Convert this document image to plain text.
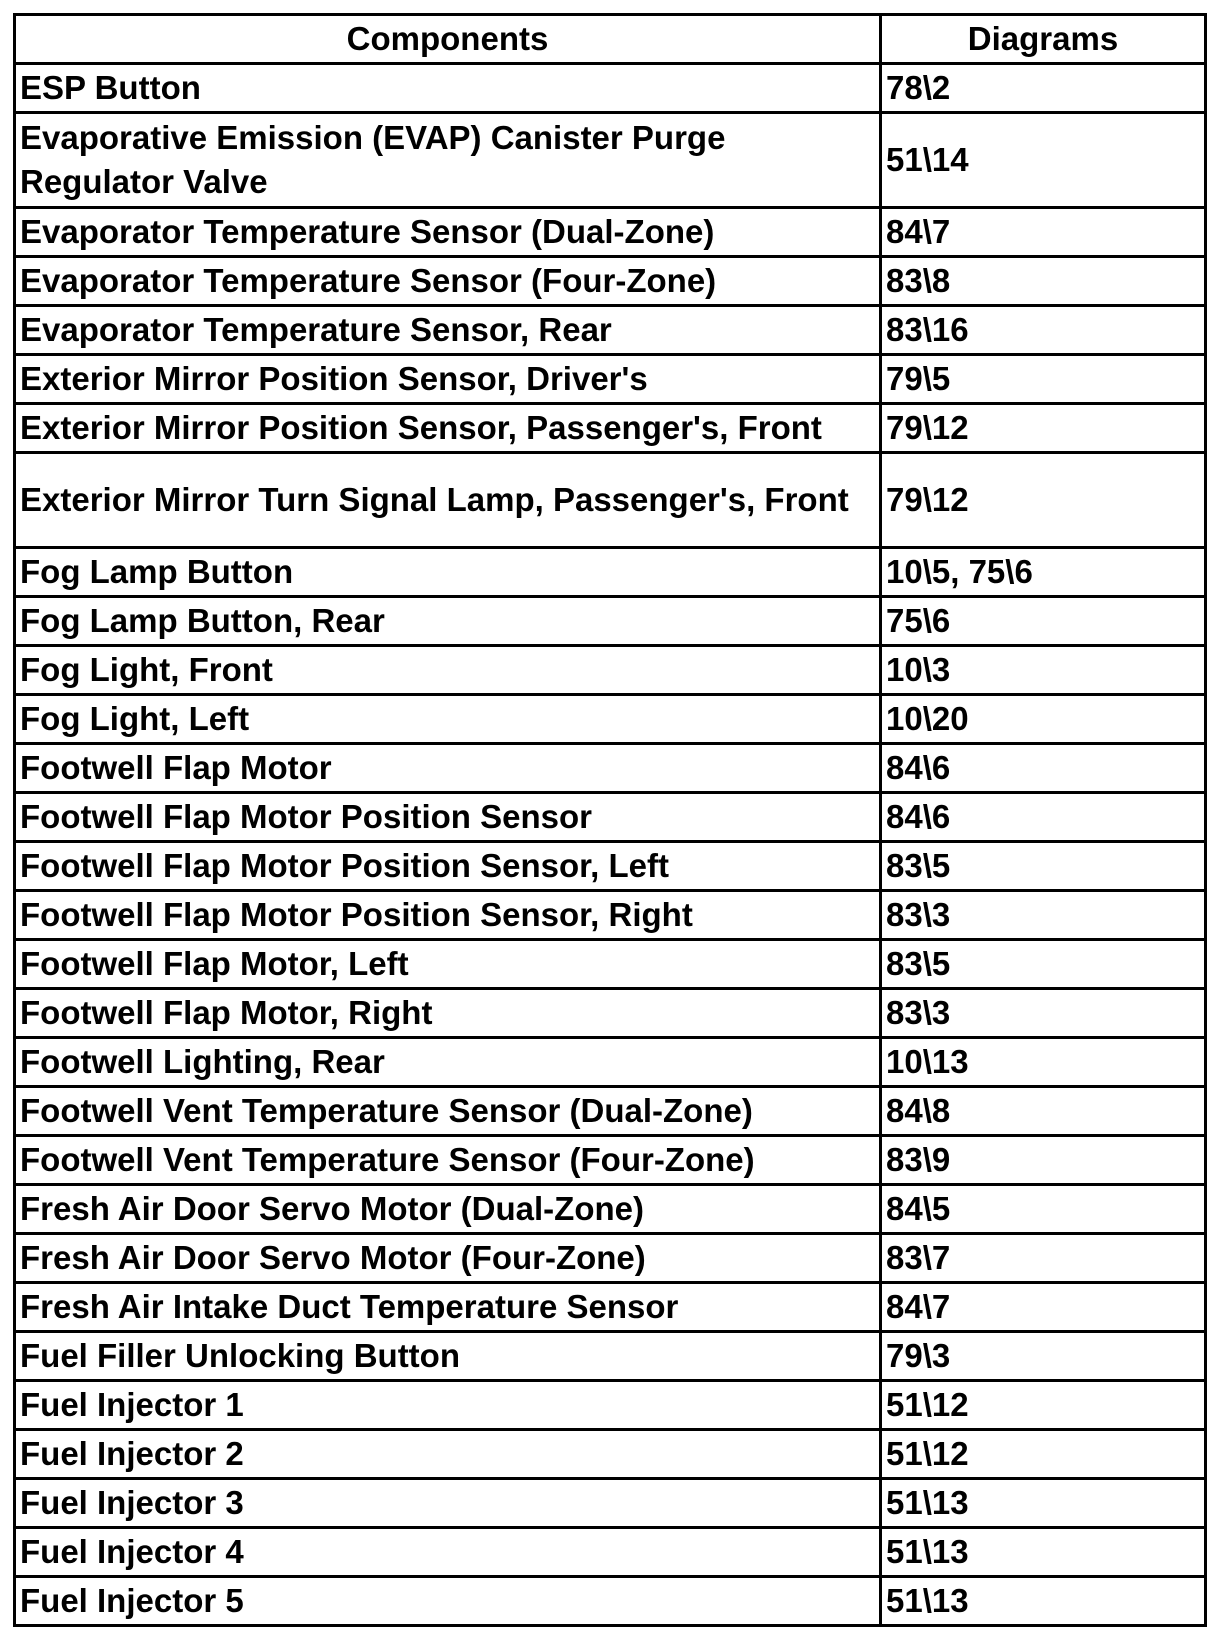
Components	Diagrams
ESP Button	78\2
Evaporative Emission (EVAP) Canister Purge Regulator Valve	51\14
Evaporator Temperature Sensor (Dual-Zone)	84\7
Evaporator Temperature Sensor (Four-Zone)	83\8
Evaporator Temperature Sensor, Rear	83\16
Exterior Mirror Position Sensor, Driver's	79\5
Exterior Mirror Position Sensor, Passenger's, Front	79\12
Exterior Mirror Turn Signal Lamp, Passenger's, Front	79\12
Fog Lamp Button	10\5, 75\6
Fog Lamp Button, Rear	75\6
Fog Light, Front	10\3
Fog Light, Left	10\20
Footwell Flap Motor	84\6
Footwell Flap Motor Position Sensor	84\6
Footwell Flap Motor Position Sensor, Left	83\5
Footwell Flap Motor Position Sensor, Right	83\3
Footwell Flap Motor, Left	83\5
Footwell Flap Motor, Right	83\3
Footwell Lighting, Rear	10\13
Footwell Vent Temperature Sensor (Dual-Zone)	84\8
Footwell Vent Temperature Sensor (Four-Zone)	83\9
Fresh Air Door Servo Motor (Dual-Zone)	84\5
Fresh Air Door Servo Motor (Four-Zone)	83\7
Fresh Air Intake Duct Temperature Sensor	84\7
Fuel Filler Unlocking Button	79\3
Fuel Injector 1	51\12
Fuel Injector 2	51\12
Fuel Injector 3	51\13
Fuel Injector 4	51\13
Fuel Injector 5	51\13
